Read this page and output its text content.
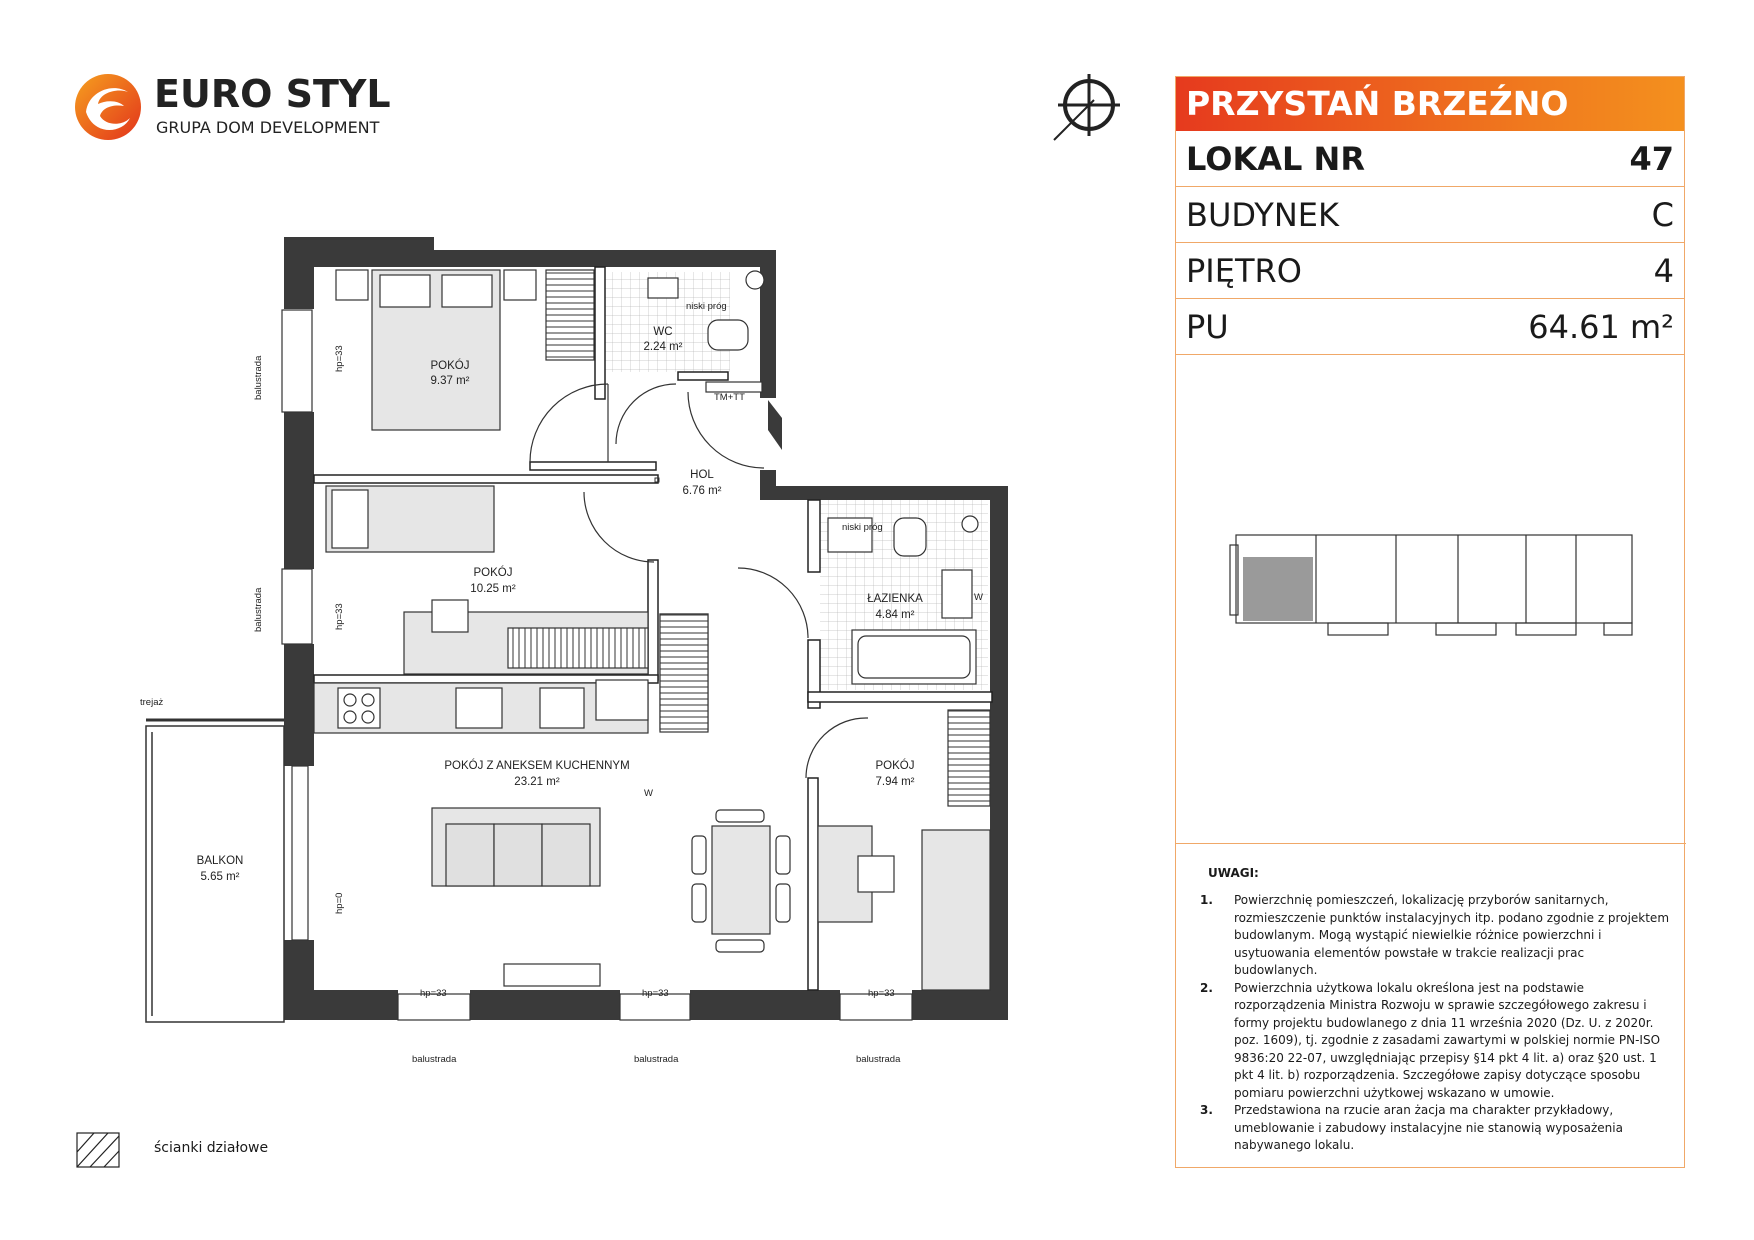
EURO STYL
GRUPA DOM DEVELOPMENT
POKÓJ
9.37 m²
WC
2.24 m²
HOL
6.76 m²
POKÓJ
10.25 m²
ŁAZIENKA
4.84 m²
POKÓJ Z ANEKSEM KUCHENNYM
23.21 m²
POKÓJ
7.94 m²
BALKON
5.65 m²
niski próg
niski próg
TM+TT
W
W
hp=33	hp=33	hp=33
hp=33
hp=33
hp=0
balustrada	balustrada	balustrada
balustrada
balustrada
trejaż
PRZYSTAŃ BRZEŹNO
LOKAL NR	47
BUDYNEK	C
PIĘTRO	4
PU	64.61 m²
UWAGI:
1. Powierzchnię pomieszczeń, lokalizację przyborów sanitarnych, rozmieszczenie punktów instalacyjnych itp. podano zgodnie z projektem budowlanym. Mogą wystąpić niewielkie różnice powierzchni i usytuowania elementów powstałe w trakcie realizacji prac budowlanych.
2. Powierzchnia użytkowa lokalu określona jest na podstawie rozporządzenia Ministra Rozwoju w sprawie szczegółowego zakresu i formy projektu budowlanego z dnia 11 września 2020 (Dz. U. z 2020r. poz. 1609), tj. zgodnie z zasadami zawartymi w polskiej normie PN-ISO 9836:20 22-07, uwzględniając przepisy §14 pkt 4 lit. a) oraz §20 ust. 1 pkt 4 lit. b) rozporządzenia. Szczegółowe zapisy dotyczące sposobu pomiaru powierzchni użytkowej wskazano w umowie.
3. Przedstawiona na rzucie aran żacja ma charakter przykładowy, umeblowanie i zabudowy instalacyjne nie stanowią wyposażenia nabywanego lokalu.
ścianki działowe
